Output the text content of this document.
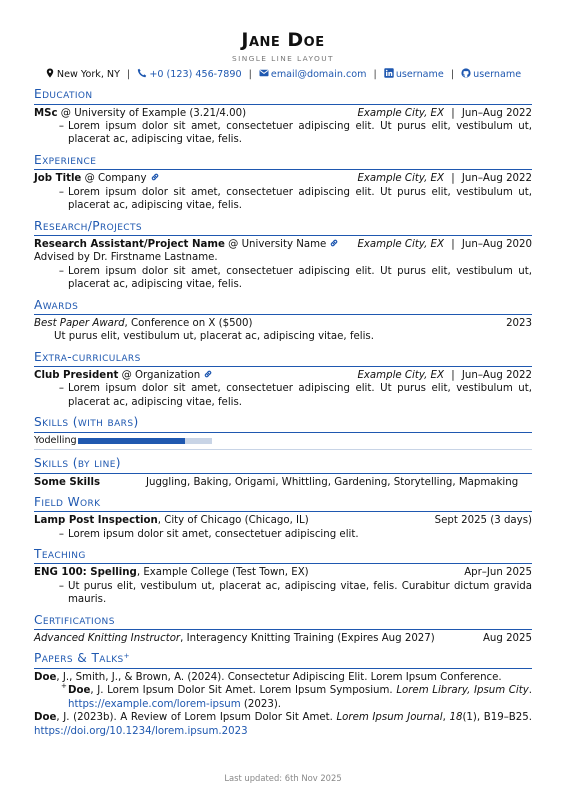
Jane Doe
SINGLE LINE LAYOUT
New York, NY | +0 (123) 456-7890 | email@domain.com | username | username
Education
MSc @ University of Example (3.21/4.00)	Example City, EX | Jun–Aug 2022
– Lorem ipsum dolor sit amet, consectetuer adipiscing elit. Ut purus elit, vestibulum ut, placerat ac, adipiscing vitae, felis.
Experience
Job Title @ Company	Example City, EX | Jun–Aug 2022
– Lorem ipsum dolor sit amet, consectetuer adipiscing elit. Ut purus elit, vestibulum ut, placerat ac, adipiscing vitae, felis.
Research/Projects
Research Assistant/Project Name @ University Name	Example City, EX | Jun–Aug 2020
Advised by Dr. Firstname Lastname.
– Lorem ipsum dolor sit amet, consectetuer adipiscing elit. Ut purus elit, vestibulum ut, placerat ac, adipiscing vitae, felis.
Awards
Best Paper Award, Conference on X ($500)	2023
Ut purus elit, vestibulum ut, placerat ac, adipiscing vitae, felis.
Extra-curriculars
Club President @ Organization	Example City, EX | Jun–Aug 2022
– Lorem ipsum dolor sit amet, consectetuer adipiscing elit. Ut purus elit, vestibulum ut, placerat ac, adipiscing vitae, felis.
Skills (with bars)
Yodelling
Skills (by line)
Some Skills	Juggling, Baking, Origami, Whittling, Gardening, Storytelling, Mapmaking
Field Work
Lamp Post Inspection, City of Chicago (Chicago, IL)	Sept 2025 (3 days)
– Lorem ipsum dolor sit amet, consectetuer adipiscing elit.
Teaching
ENG 100: Spelling, Example College (Test Town, EX)	Apr–Jun 2025
– Ut purus elit, vestibulum ut, placerat ac, adipiscing vitae, felis. Curabitur dictum gravida mauris.
Certifications
Advanced Knitting Instructor, Interagency Knitting Training (Expires Aug 2027)	Aug 2025
Papers & Talks+
Doe, J., Smith, J., & Brown, A. (2024). Consectetur Adipiscing Elit. Lorem Ipsum Conference.
+ Doe, J. Lorem Ipsum Dolor Sit Amet. Lorem Ipsum Symposium. Lorem Library, Ipsum City. https://example.com/lorem-ipsum (2023).
Doe, J. (2023b). A Review of Lorem Ipsum Dolor Sit Amet. Lorem Ipsum Journal, 18(1), B19–B25. https://doi.org/10.1234/lorem.ipsum.2023
Last updated: 6th Nov 2025
